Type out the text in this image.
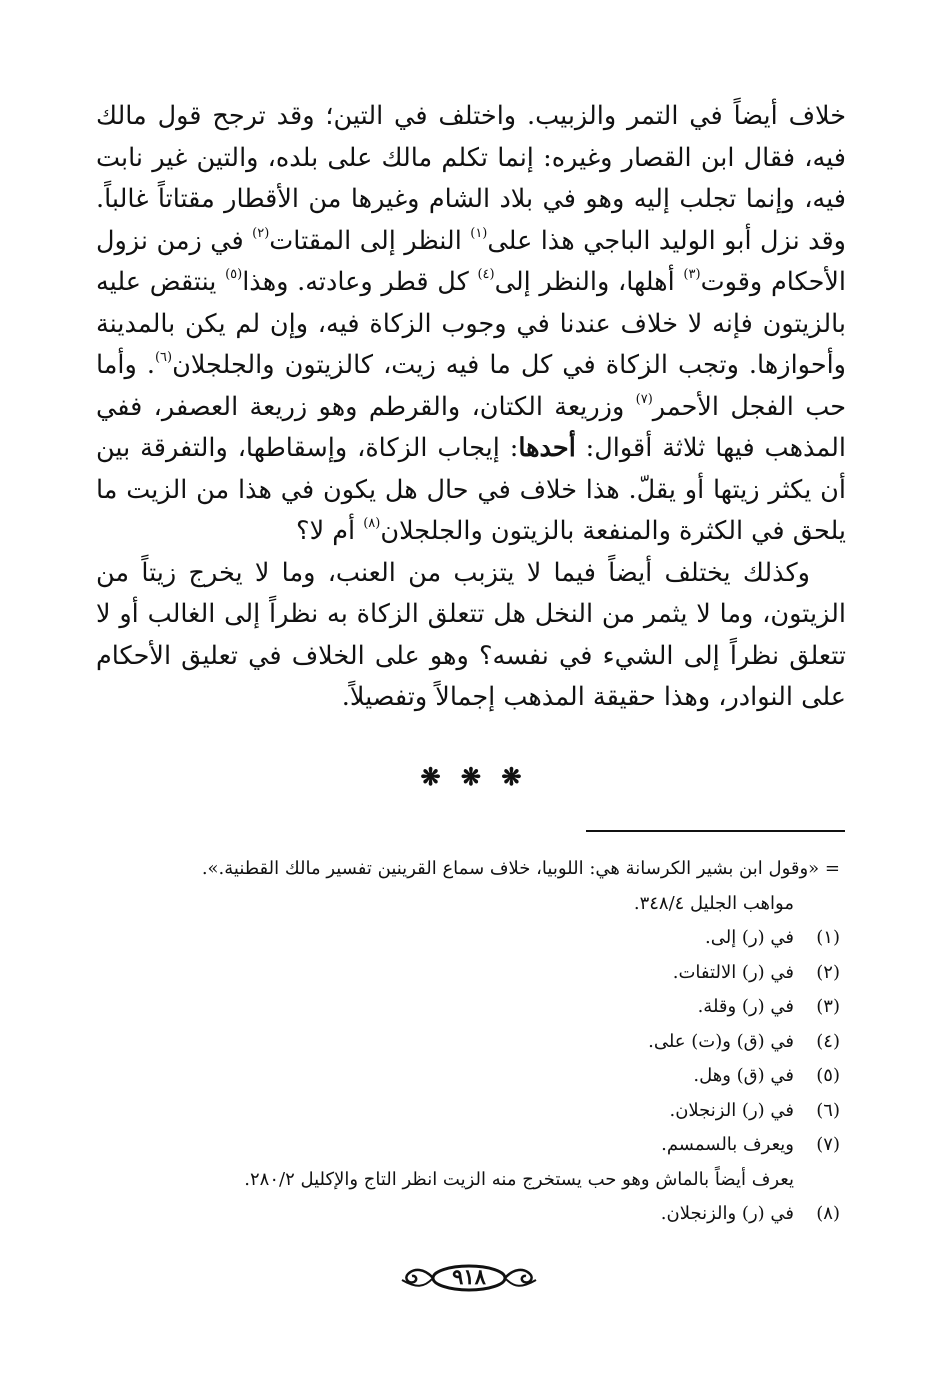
خلاف أيضاً في التمر والزبيب. واختلف في التين؛ وقد ترجح قول مالك فيه، فقال ابن القصار وغيره: إنما تكلم مالك على بلده، والتين غير نابت فيه، وإنما تجلب إليه وهو في بلاد الشام وغيرها من الأقطار مقتاتاً غالباً. وقد نزل أبو الوليد الباجي هذا على$^{(١)}$ النظر إلى المقتات$^{(٢)}$ في زمن نزول الأحكام وقوت$^{(٣)}$ أهلها، والنظر إلى$^{(٤)}$ كل قطر وعادته. وهذا$^{(٥)}$ ينتقض عليه بالزيتون فإنه لا خلاف عندنا في وجوب الزكاة فيه، وإن لم يكن بالمدينة وأحوازها. وتجب الزكاة في كل ما فيه زيت، كالزيتون والجلجلان$^{(٦)}$. وأما حب الفجل الأحمر$^{(٧)}$ وزريعة الكتان، والقرطم وهو زريعة العصفر، ففي المذهب فيها ثلاثة أقوال: أحدها: إيجاب الزكاة، وإسقاطها، والتفرقة بين أن يكثر زيتها أو يقلّ. هذا خلاف في حال هل يكون في هذا من الزيت ما يلحق في الكثرة والمنفعة بالزيتون والجلجلان$^{(٨)}$ أم لا؟

وكذلك يختلف أيضاً فيما لا يتزبب من العنب، وما لا يخرج زيتاً من الزيتون، وما لا يثمر من النخل هل تتعلق الزكاة به نظراً إلى الغالب أو لا تتعلق نظراً إلى الشيء في نفسه؟ وهو على الخلاف في تعليق الأحكام على النوادر، وهذا حقيقة المذهب إجمالاً وتفصيلاً.

❋ ❋ ❋
= «وقول ابن بشير الكرسانة هي: اللوبيا، خلاف سماع القرينين تفسير مالك القطنية.».
مواهب الجليل ٣٤٨/٤.
(١)في (ر) إلى.
(٢)في (ر) الالتفات.
(٣)في (ر) وقلة.
(٤)في (ق) و(ت) على.
(٥)في (ق) وهل.
(٦)في (ر) الزنجلان.
(٧)ويعرف بالسمسم.
يعرف أيضاً بالماش وهو حب يستخرج منه الزيت انظر التاج والإكليل ٢٨٠/٢.
(٨)في (ر) والزنجلان.
٩١٨
